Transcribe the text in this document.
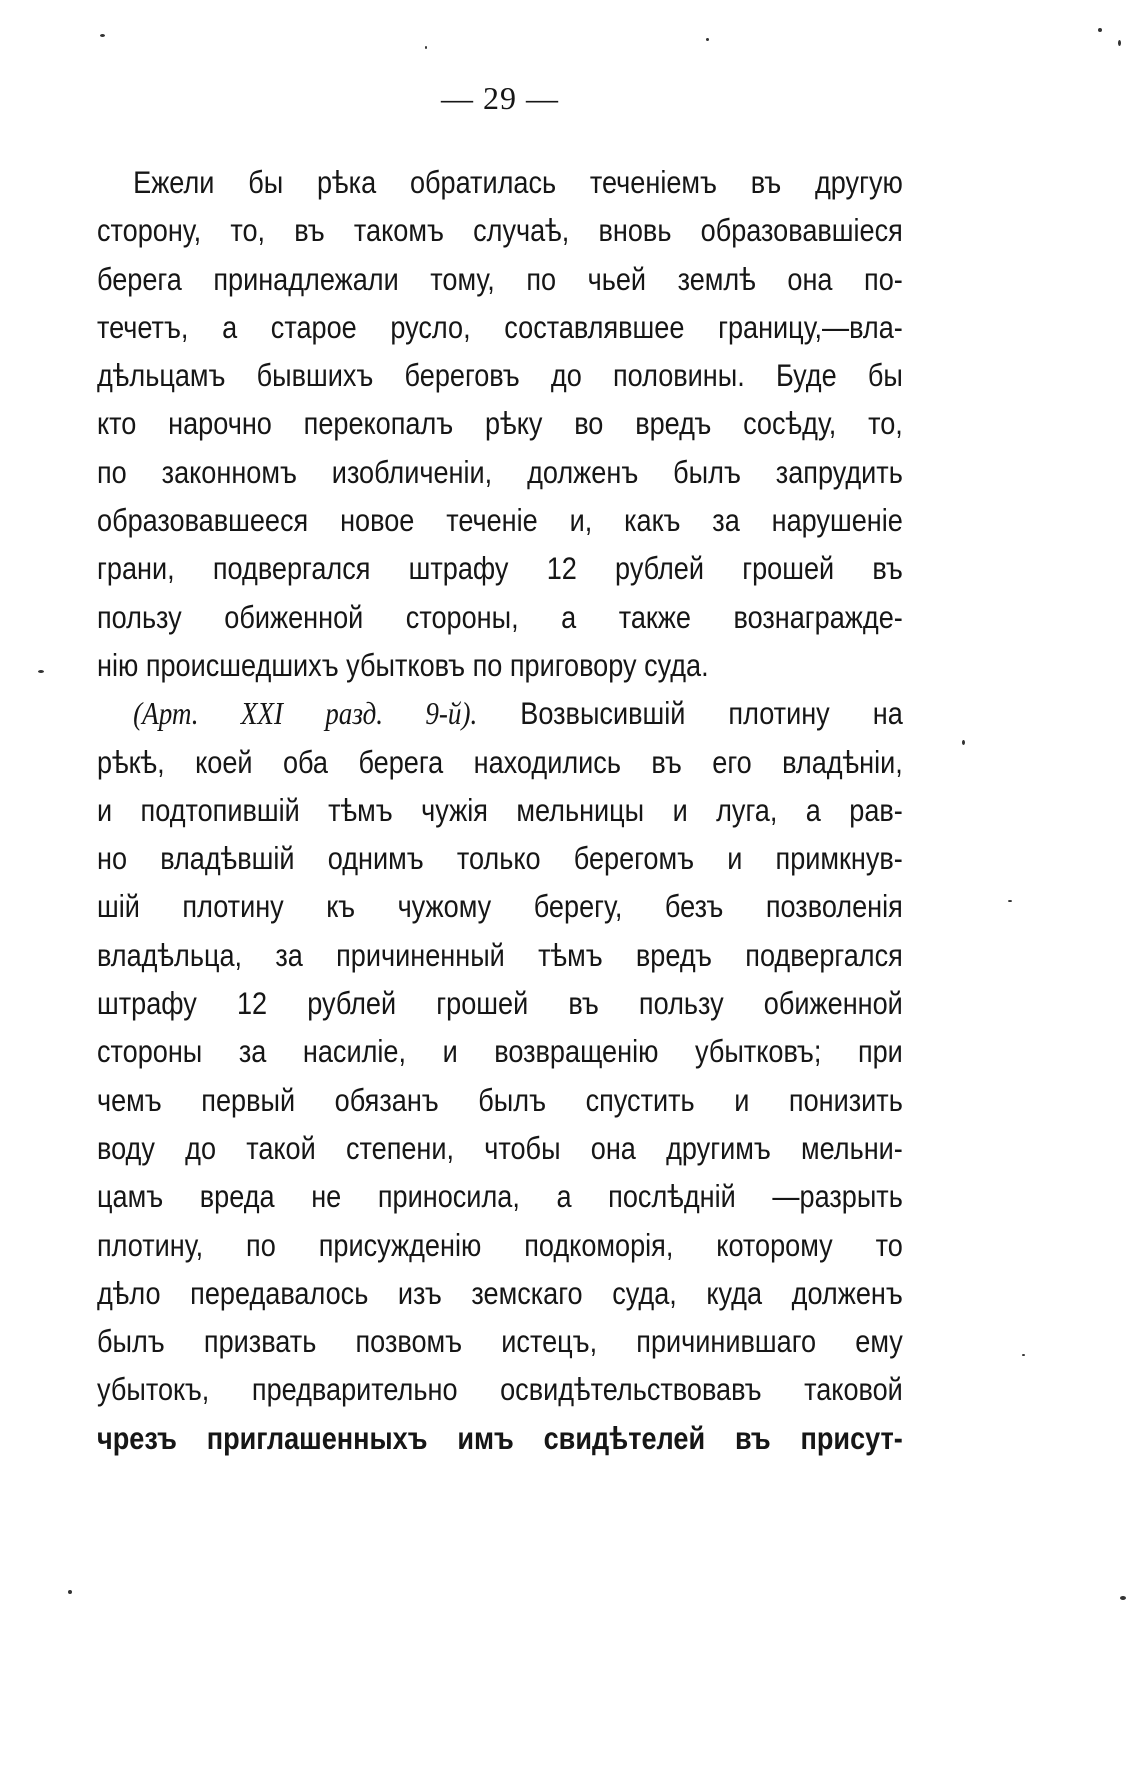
— 29 —
Ежели бы рѣка обратилась теченіемъ въ другую
сторону, то, въ такомъ случаѣ, вновь образовавшіеся
берега принадлежали тому, по чьей землѣ она по-
течетъ, а старое русло, составлявшее границу,—вла-
дѣльцамъ бывшихъ береговъ до половины. Буде бы
кто нарочно перекопалъ рѣку во вредъ сосѣду, то,
по законномъ изобличеніи, долженъ былъ запрудить
образовавшееся новое теченіе и, какъ за нарушеніе
грани, подвергался штрафу 12 рублей грошей въ
пользу обиженной стороны, а также вознагражде-
нію происшедшихъ убытковъ по приговору суда.
(Арт. XXI разд. 9-й). Возвысившій плотину на
рѣкѣ, коей оба берега находились въ его владѣніи,
и подтопившій тѣмъ чужія мельницы и луга, а рав-
но владѣвшій однимъ только берегомъ и примкнув-
шій плотину къ чужому берегу, безъ позволенія
владѣльца, за причиненный тѣмъ вредъ подвергался
штрафу 12 рублей грошей въ пользу обиженной
стороны за насиліе, и возвращенію убытковъ; при
чемъ первый обязанъ былъ спустить и понизить
воду до такой степени, чтобы она другимъ мельни-
цамъ вреда не приносила, а послѣдній —разрыть
плотину, по присужденію подкоморія, которому то
дѣло передавалось изъ земскаго суда, куда долженъ
былъ призвать позвомъ истецъ, причинившаго ему
убытокъ, предварительно освидѣтельствовавъ таковой
чрезъ приглашенныхъ имъ свидѣтелей въ присут-
